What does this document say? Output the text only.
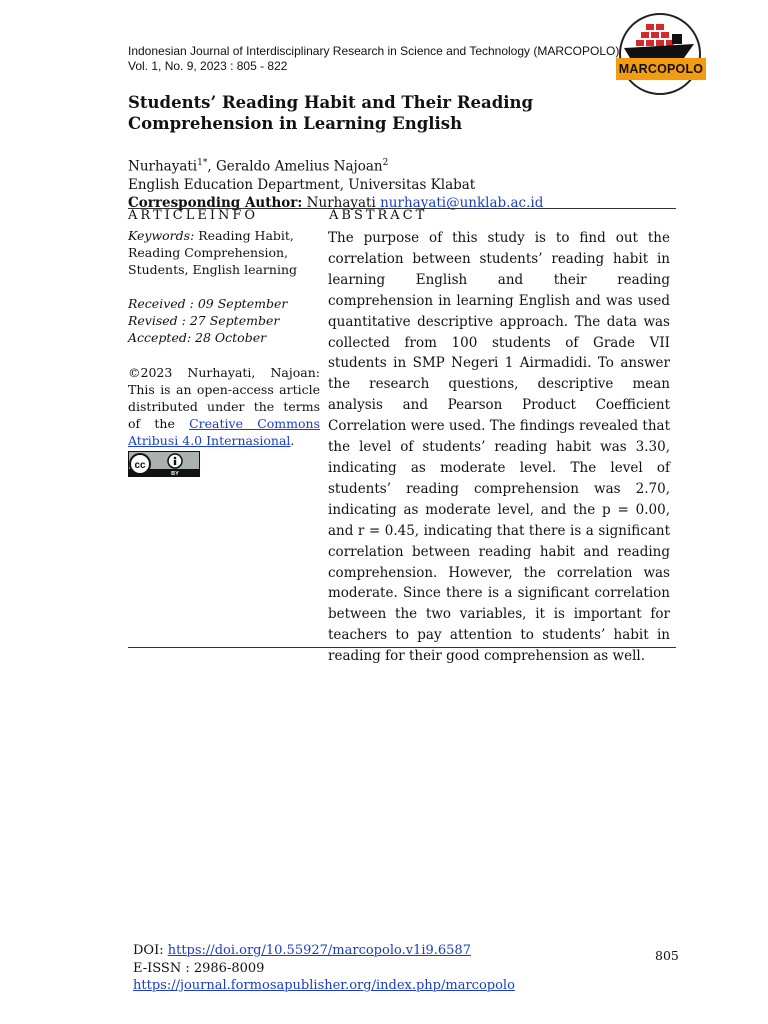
Indonesian Journal of Interdisciplinary Research in Science and Technology (MARCOPOLO)
Vol. 1, No. 9, 2023 : 805 - 822	MARCOPOLO
Students’ Reading Habit and Their Reading Comprehension in Learning English
Nurhayati$^{1*}$, Geraldo Amelius Najoan$^2$
English Education Department, Universitas Klabat
Corresponding Author: Nurhayati nurhayati@unklab.ac.id
ARTICLEINFO	ABSTRACT
Keywords: Reading Habit, Reading Comprehension, Students, English learning
Received : 09 September
Revised : 27 September
Accepted: 28 October
©2023 Nurhayati, Najoan: This is an open-access article distributed under the terms of the Creative Commons Atribusi 4.0 Internasional.
cc
BY
The purpose of this study is to find out the correlation between students’ reading habit in learning English and their reading comprehension in learning English and was used quantitative descriptive approach. The data was collected from 100 students of Grade VII students in SMP Negeri 1 Airmadidi. To answer the research questions, descriptive mean analysis and Pearson Product Coefficient Correlation were used. The findings revealed that the level of students’ reading habit was 3.30, indicating as moderate level. The level of students’ reading comprehension was 2.70, indicating as moderate level, and the p = 0.00, and r = 0.45, indicating that there is a significant correlation between reading habit and reading comprehension. However, the correlation was moderate. Since there is a significant correlation between the two variables, it is important for teachers to pay attention to students’ habit in reading for their good comprehension as well.
DOI: https://doi.org/10.55927/marcopolo.v1i9.6587
E-ISSN : 2986-8009
https://journal.formosapublisher.org/index.php/marcopolo
805
